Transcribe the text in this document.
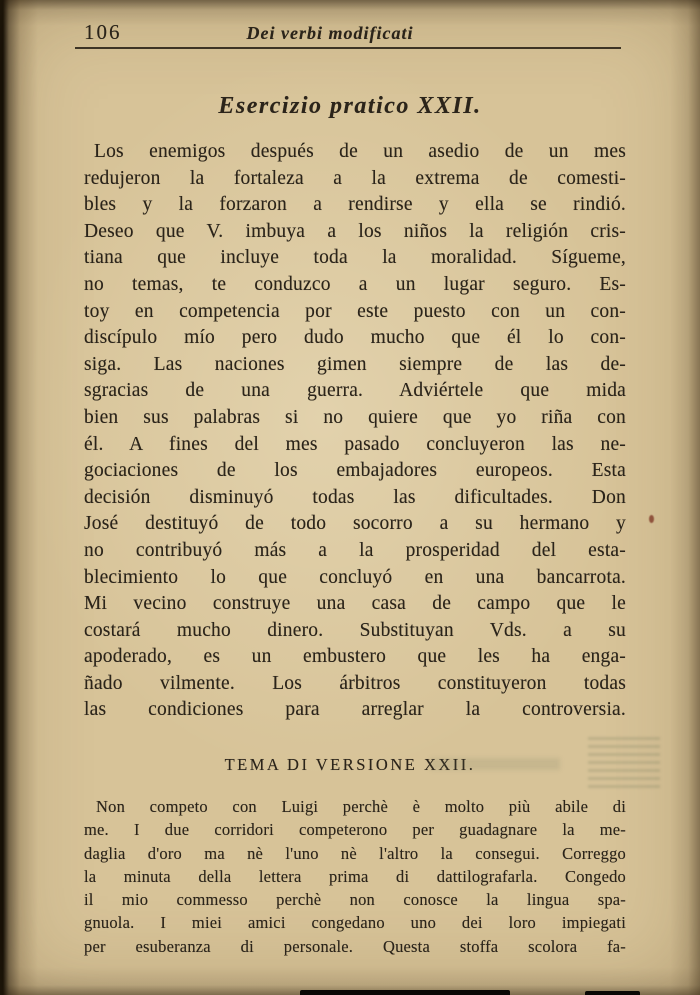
106	Dei verbi modificati
Esercizio pratico XXII.
Los enemigos después de un asedio de un mes
redujeron la fortaleza a la extrema de comesti-
bles y la forzaron a rendirse y ella se rindió.
Deseo que V. imbuya a los niños la religión cris-
tiana que incluye toda la moralidad. Sígueme,
no temas, te conduzco a un lugar seguro. Es-
toy en competencia por este puesto con un con-
discípulo mío pero dudo mucho que él lo con-
siga. Las naciones gimen siempre de las de-
sgracias de una guerra. Adviértele que mida
bien sus palabras si no quiere que yo riña con
él. A fines del mes pasado concluyeron las ne-
gociaciones de los embajadores europeos. Esta
decisión disminuyó todas las dificultades. Don
José destituyó de todo socorro a su hermano y
no contribuyó más a la prosperidad del esta-
blecimiento lo que concluyó en una bancarrota.
Mi vecino construye una casa de campo que le
costará mucho dinero. Substituyan Vds. a su
apoderado, es un embustero que les ha enga-
ñado vilmente. Los árbitros constituyeron todas
las condiciones para arreglar la controversia.
TEMA DI VERSIONE XXII.
Non competo con Luigi perchè è molto più abile di
me. I due corridori competerono per guadagnare la me-
daglia d'oro ma nè l'uno nè l'altro la consegui. Correggo
la minuta della lettera prima di dattilografarla. Congedo
il mio commesso perchè non conosce la lingua spa-
gnuola. I miei amici congedano uno dei loro impiegati
per esuberanza di personale. Questa stoffa scolora fa-
